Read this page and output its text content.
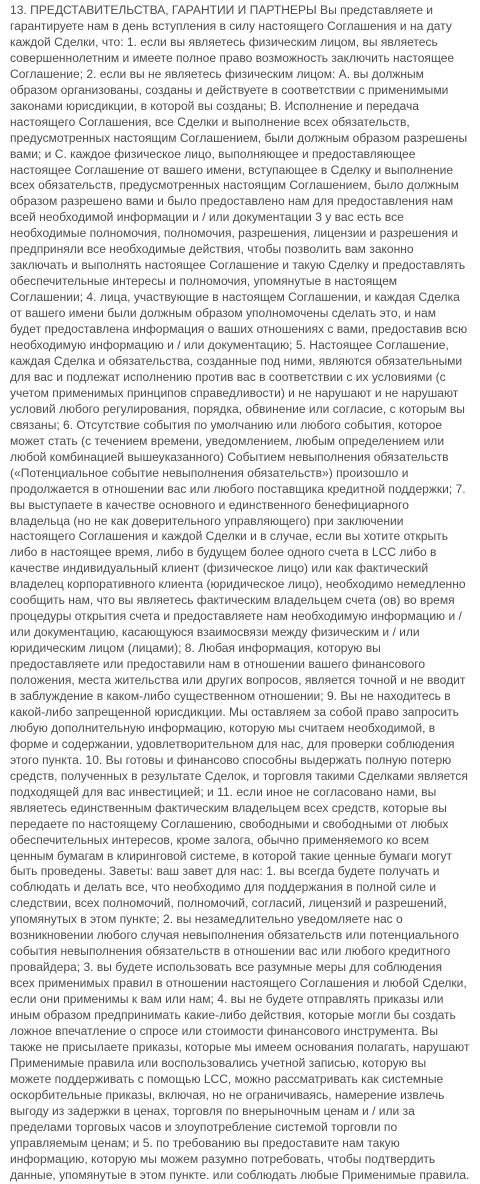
13. ПРЕДСТАВИТЕЛЬСТВА, ГАРАНТИИ И ПАРТНЕРЫ Вы представляете и гарантируете нам в день вступления в силу настоящего Соглашения и на дату каждой Сделки, что: 1. если вы являетесь физическим лицом, вы являетесь совершеннолетним и имеете полное право возможность заключить настоящее Соглашение; 2. если вы не являетесь физическим лицом: A. вы должным образом организованы, созданы и действуете в соответствии с применимыми законами юрисдикции, в которой вы созданы; B. Исполнение и передача настоящего Соглашения, все Сделки и выполнение всех обязательств, предусмотренных настоящим Соглашением, были должным образом разрешены вами; и C. каждое физическое лицо, выполняющее и предоставляющее настоящее Соглашение от вашего имени, вступающее в Сделку и выполнение всех обязательств, предусмотренных настоящим Соглашением, было должным образом разрешено вами и было предоставлено нам для предоставления нам всей необходимой информации и / или документации 3 у вас есть все необходимые полномочия, полномочия, разрешения, лицензии и разрешения и предприняли все необходимые действия, чтобы позволить вам законно заключать и выполнять настоящее Соглашение и такую Сделку и предоставлять обеспечительные интересы и полномочия, упомянутые в настоящем Соглашении; 4. лица, участвующие в настоящем Соглашении, и каждая Сделка от вашего имени были должным образом уполномочены сделать это, и нам будет предоставлена информация о ваших отношениях с вами, предоставив всю необходимую информацию и / или документацию; 5. Настоящее Соглашение, каждая Сделка и обязательства, созданные под ними, являются обязательными для вас и подлежат исполнению против вас в соответствии с их условиями (с учетом применимых принципов справедливости) и не нарушают и не нарушают условий любого регулирования, порядка, обвинение или согласие, с которым вы связаны; 6. Отсутствие события по умолчанию или любого события, которое может стать (с течением времени, уведомлением, любым определением или любой комбинацией вышеуказанного) Событием невыполнения обязательств («Потенциальное событие невыполнения обязательств») произошло и продолжается в отношении вас или любого поставщика кредитной поддержки; 7. вы выступаете в качестве основного и единственного бенефициарного владельца (но не как доверительного управляющего) при заключении настоящего Соглашения и каждой Сделки и в случае, если вы хотите открыть либо в настоящее время, либо в будущем более одного счета в LCC либо в качестве индивидуальный клиент (физическое лицо) или как фактический владелец корпоративного клиента (юридическое лицо), необходимо немедленно сообщить нам, что вы являетесь фактическим владельцем счета (ов) во время процедуры открытия счета и предоставляете нам необходимую информацию и / или документацию, касающуюся взаимосвязи между физическим и / или юридическим лицом (лицами); 8. Любая информация, которую вы предоставляете или предоставили нам в отношении вашего финансового положения, места жительства или других вопросов, является точной и не вводит в заблуждение в каком-либо существенном отношении; 9. Вы не находитесь в какой-либо запрещенной юрисдикции. Мы оставляем за собой право запросить любую дополнительную информацию, которую мы считаем необходимой, в форме и содержании, удовлетворительном для нас, для проверки соблюдения этого пункта. 10. Вы готовы и финансово способны выдержать полную потерю средств, полученных в результате Сделок, и торговля такими Сделками является подходящей для вас инвестицией; и 11. если иное не согласовано нами, вы являетесь единственным фактическим владельцем всех средств, которые вы передаете по настоящему Соглашению, свободными и свободными от любых обеспечительных интересов, кроме залога, обычно применяемого ко всем ценным бумагам в клиринговой системе, в которой такие ценные бумаги могут быть проведены. Заветы: ваш завет для нас: 1. вы всегда будете получать и соблюдать и делать все, что необходимо для поддержания в полной силе и следствии, всех полномочий, полномочий, согласий, лицензий и разрешений, упомянутых в этом пункте; 2. вы незамедлительно уведомляете нас о возникновении любого случая невыполнения обязательств или потенциального события невыполнения обязательств в отношении вас или любого кредитного провайдера; 3. вы будете использовать все разумные меры для соблюдения всех применимых правил в отношении настоящего Соглашения и любой Сделки, если они применимы к вам или нам; 4. вы не будете отправлять приказы или иным образом предпринимать какие-либо действия, которые могли бы создать ложное впечатление о спросе или стоимости финансового инструмента. Вы также не присылаете приказы, которые мы имеем основания полагать, нарушают Применимые правила или воспользовались учетной записью, которую вы можете поддерживать с помощью LCC, можно рассматривать как системные оскорбительные приказы, включая, но не ограничиваясь, намерение извлечь выгоду из задержки в ценах, торговля по внерыночным ценам и / или за пределами торговых часов и злоупотребление системой торговли по управляемым ценам; и 5. по требованию вы предоставите нам такую информацию, которую мы можем разумно потребовать, чтобы подтвердить данные, упомянутые в этом пункте. или соблюдать любые Применимые правила.
